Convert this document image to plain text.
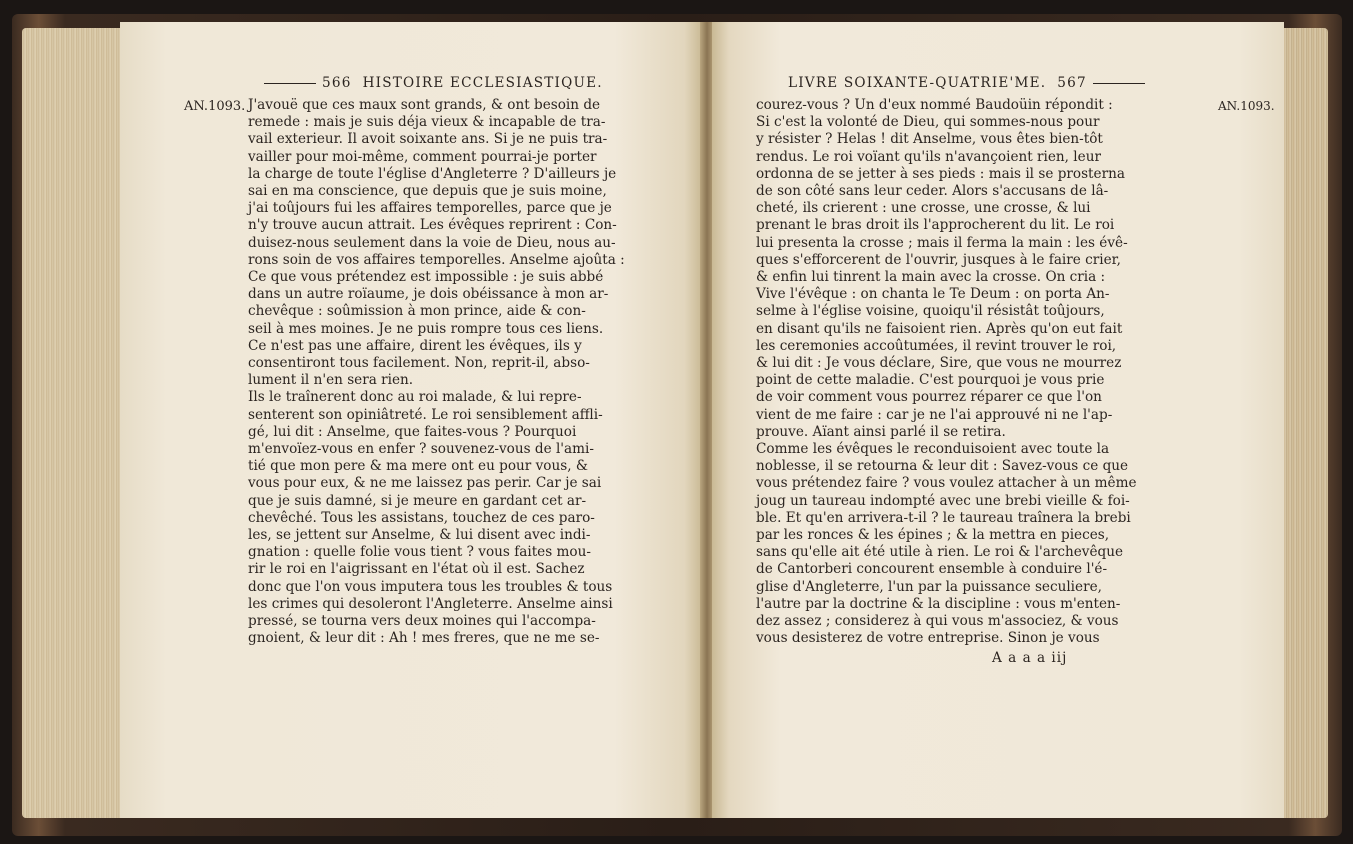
566 HISTOIRE ECCLESIASTIQUE.
AN.1093. J'avouë que ces maux sont grands, & ont besoin de
remede : mais je suis déja vieux & incapable de tra-
vail exterieur. Il avoit soixante ans. Si je ne puis tra-
vailler pour moi-même, comment pourrai-je porter
la charge de toute l'église d'Angleterre ? D'ailleurs je
sai en ma conscience, que depuis que je suis moine,
j'ai toûjours fui les affaires temporelles, parce que je
n'y trouve aucun attrait. Les évêques reprirent : Con-
duisez-nous seulement dans la voie de Dieu, nous au-
rons soin de vos affaires temporelles. Anselme ajoûta :
Ce que vous prétendez est impossible : je suis abbé
dans un autre roïaume, je dois obéissance à mon ar-
chevêque : soûmission à mon prince, aide & con-
seil à mes moines. Je ne puis rompre tous ces liens.
Ce n'est pas une affaire, dirent les évêques, ils y
consentiront tous facilement. Non, reprit-il, abso-
lument il n'en sera rien.
Ils le traînerent donc au roi malade, & lui repre-
senterent son opiniâtreté. Le roi sensiblement affli-
gé, lui dit : Anselme, que faites-vous ? Pourquoi
m'envoïez-vous en enfer ? souvenez-vous de l'ami-
tié que mon pere & ma mere ont eu pour vous, &
vous pour eux, & ne me laissez pas perir. Car je sai
que je suis damné, si je meure en gardant cet ar-
chevêché. Tous les assistans, touchez de ces paro-
les, se jettent sur Anselme, & lui disent avec indi-
gnation : quelle folie vous tient ? vous faites mou-
rir le roi en l'aigrissant en l'état où il est. Sachez
donc que l'on vous imputera tous les troubles & tous
les crimes qui desoleront l'Angleterre. Anselme ainsi
pressé, se tourna vers deux moines qui l'accompa-
gnoient, & leur dit : Ah ! mes freres, que ne me se-
LIVRE SOIXANTE-QUATRIE'ME. 567
AN.1093.
courez-vous ? Un d'eux nommé Baudoüin répondit :
Si c'est la volonté de Dieu, qui sommes-nous pour
y résister ? Helas ! dit Anselme, vous êtes bien-tôt
rendus. Le roi voïant qu'ils n'avançoient rien, leur
ordonna de se jetter à ses pieds : mais il se prosterna
de son côté sans leur ceder. Alors s'accusans de lâ-
cheté, ils crierent : une crosse, une crosse, & lui
prenant le bras droit ils l'approcherent du lit. Le roi
lui presenta la crosse ; mais il ferma la main : les évê-
ques s'efforcerent de l'ouvrir, jusques à le faire crier,
& enfin lui tinrent la main avec la crosse. On cria :
Vive l'évêque : on chanta le Te Deum : on porta An-
selme à l'église voisine, quoiqu'il résistât toûjours,
en disant qu'ils ne faisoient rien. Après qu'on eut fait
les ceremonies accoûtumées, il revint trouver le roi,
& lui dit : Je vous déclare, Sire, que vous ne mourrez
point de cette maladie. C'est pourquoi je vous prie
de voir comment vous pourrez réparer ce que l'on
vient de me faire : car je ne l'ai approuvé ni ne l'ap-
prouve. Aïant ainsi parlé il se retira.
Comme les évêques le reconduisoient avec toute la
noblesse, il se retourna & leur dit : Savez-vous ce que
vous prétendez faire ? vous voulez attacher à un même
joug un taureau indompté avec une brebi vieille & foi-
ble. Et qu'en arrivera-t-il ? le taureau traînera la brebi
par les ronces & les épines ; & la mettra en pieces,
sans qu'elle ait été utile à rien. Le roi & l'archevêque
de Cantorberi concourent ensemble à conduire l'é-
glise d'Angleterre, l'un par la puissance seculiere,
l'autre par la doctrine & la discipline : vous m'enten-
dez assez ; considerez à qui vous m'associez, & vous
vous desisterez de votre entreprise. Sinon je vous
A a a a iij
